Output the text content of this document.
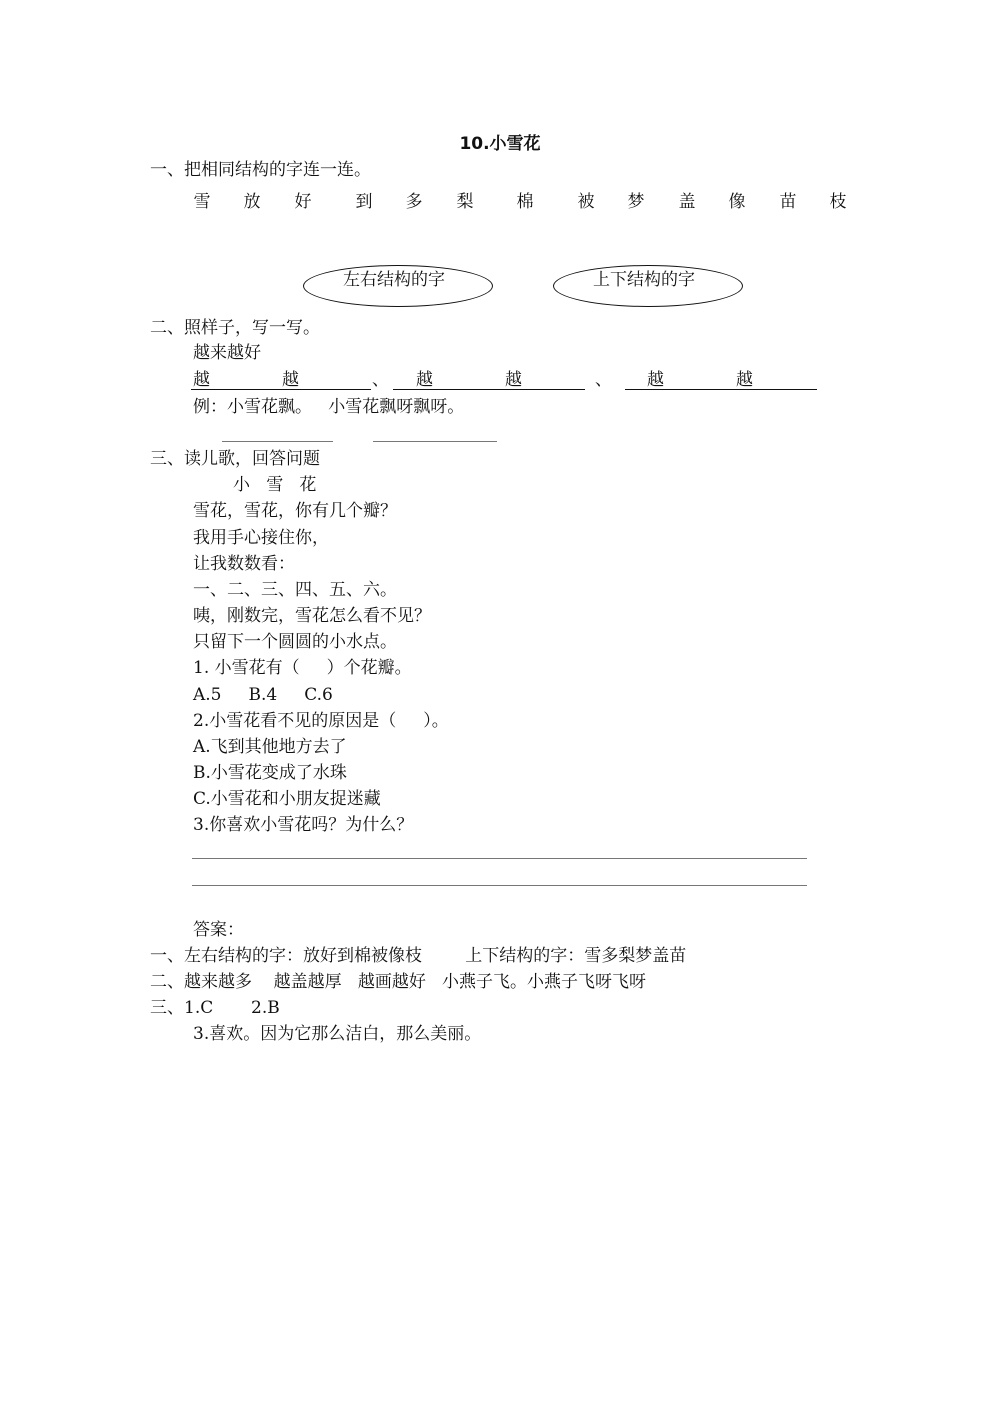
10.小雪花
一、把相同结构的字连一连。
雪 放 好	到 多 梨	棉	被 梦 盖 像 苗 枝
左右结构的字	上下结构的字
二、照样子，写一写。
越来越好
越	越	、 越	越	、 越	越
例：小雪花飘。   小雪花飘呀飘呀。
三、读儿歌，回答问题
小   雪   花
雪花，雪花，你有几个瓣？
我用手心接住你，
让我数数看：
一、二、三、四、五、六。
咦，刚数完，雪花怎么看不见？
只留下一个圆圆的小水点。
1. 小雪花有（     ）个花瓣。
A.5     B.4     C.6
2.小雪花看不见的原因是（     ）。
A.飞到其他地方去了
B.小雪花变成了水珠
C.小雪花和小朋友捉迷藏
3.你喜欢小雪花吗？为什么？
答案：
一、左右结构的字：放好到棉被像枝        上下结构的字：雪多梨梦盖苗
二、越来越多    越盖越厚   越画越好   小燕子飞。小燕子飞呀飞呀
三、1.C       2.B
3.喜欢。因为它那么洁白，那么美丽。
